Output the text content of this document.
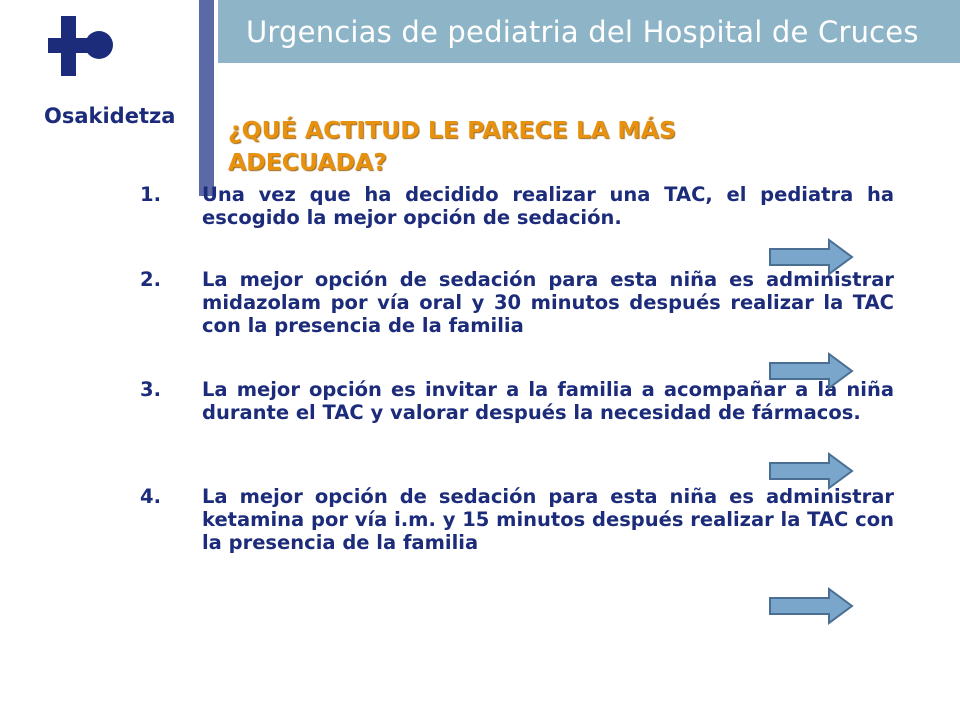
Urgencias de pediatria del Hospital de Cruces
Osakidetza ¿QUÉ ACTITUD LE PARECE LA MÁS ADECUADA?
1.	Una vez que ha decidido realizar una TAC, el pediatra ha escogido la mejor opción de sedación.
2.	La mejor opción de sedación para esta niña es administrar midazolam por vía oral y 30 minutos después realizar la TAC con la presencia de la familia
3.	La mejor opción es invitar a la familia a acompañar a la niña durante el TAC y valorar después la necesidad de fármacos.
4.	La mejor opción de sedación para esta niña es administrar ketamina por vía i.m. y 15 minutos después realizar la TAC con la presencia de la familia
